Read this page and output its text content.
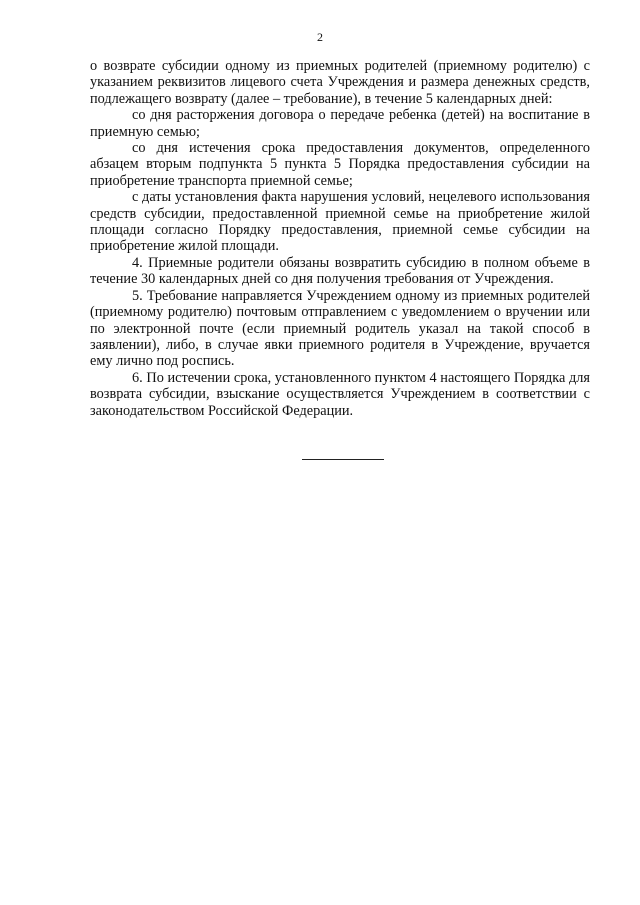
2

о возврате субсидии одному из приемных родителей (приемному родителю) с указанием реквизитов лицевого счета Учреждения и размера денежных средств, подлежащего возврату (далее – требование), в течение 5 календарных дней:

со дня расторжения договора о передаче ребенка (детей) на воспитание в приемную семью;

со дня истечения срока предоставления документов, определенного абзацем вторым подпункта 5 пункта 5 Порядка предоставления субсидии на приобретение транспорта приемной семье;

с даты установления факта нарушения условий, нецелевого использования средств субсидии, предоставленной приемной семье на приобретение жилой площади согласно Порядку предоставления, приемной семье субсидии на приобретение жилой площади.

4. Приемные родители обязаны возвратить субсидию в полном объеме в течение 30 календарных дней со дня получения требования от Учреждения.

5. Требование направляется Учреждением одному из приемных родителей (приемному родителю) почтовым отправлением с уведомлением о вручении или по электронной почте (если приемный родитель указал на такой способ в заявлении), либо, в случае явки приемного родителя в Учреждение, вручается ему лично под роспись.

6. По истечении срока, установленного пунктом 4 настоящего Порядка для возврата субсидии, взыскание осуществляется Учреждением в соответствии с законодательством Российской Федерации.
